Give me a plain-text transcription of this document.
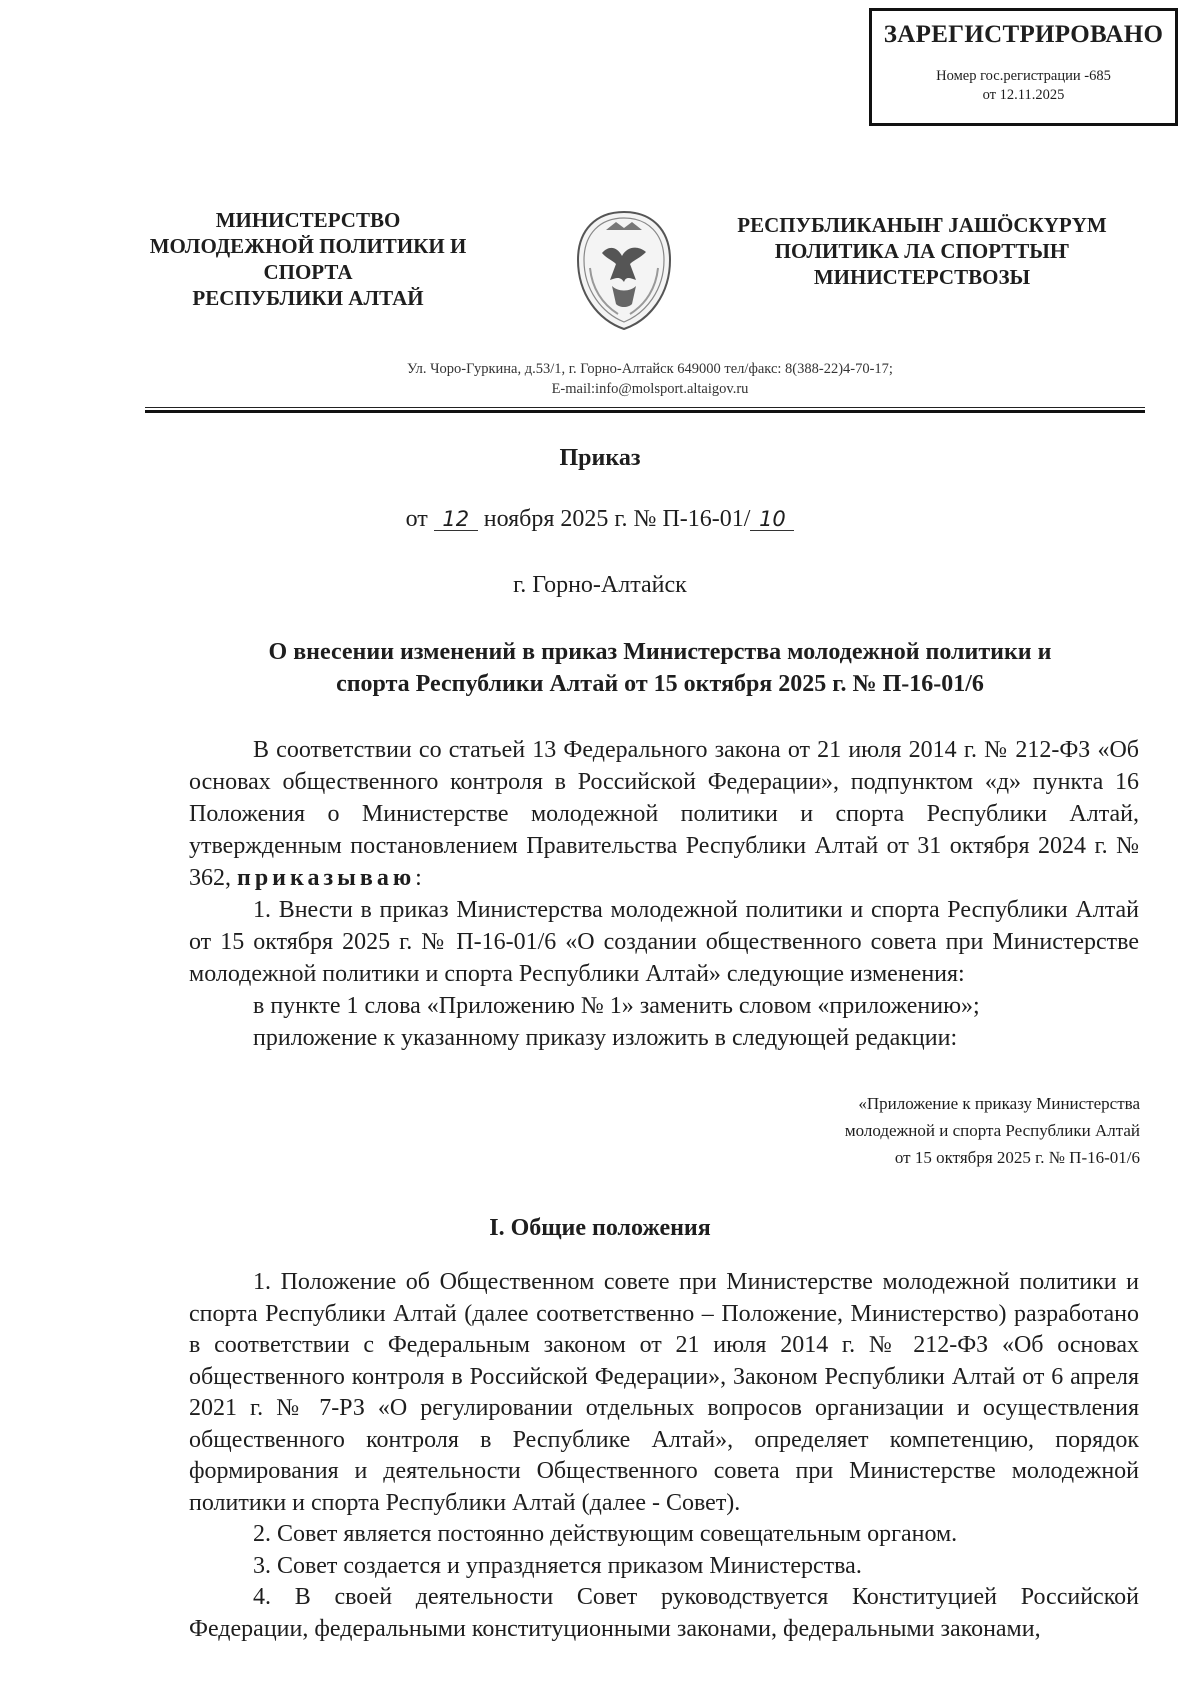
ЗАРЕГИСТРИРОВАНО
Номер гос.регистрации -685
от 12.11.2025
МИНИСТЕРСТВО
МОЛОДЕЖНОЙ ПОЛИТИКИ И
СПОРТА
РЕСПУБЛИКИ АЛТАЙ
РЕСПУБЛИКАНЫҤ ЈАШӦСКҮРҮМ
ПОЛИТИКА ЛА СПОРТТЫҤ
МИНИСТЕРСТВОЗЫ
Ул. Чоро-Гуркина, д.53/1, г. Горно-Алтайск 649000 тел/факс: 8(388-22)4-70-17;
E-mail:info@molsport.altaigov.ru
Приказ
от 12 ноября 2025 г. № П-16-01/ 10
г. Горно-Алтайск
О внесении изменений в приказ Министерства молодежной политики и
спорта Республики Алтай от 15 октября 2025 г. № П-16-01/6

В соответствии со статьей 13 Федерального закона от 21 июля 2014 г. № 212-ФЗ «Об основах общественного контроля в Российской Федерации», подпунктом «д» пункта 16 Положения о Министерстве молодежной политики и спорта Республики Алтай, утвержденным постановлением Правительства Республики Алтай от 31 октября 2024 г. № 362, приказываю:

1. Внести в приказ Министерства молодежной политики и спорта Республики Алтай от 15 октября 2025 г. № П-16-01/6 «О создании общественного совета при Министерстве молодежной политики и спорта Республики Алтай» следующие изменения:

в пункте 1 слова «Приложению № 1» заменить словом «приложению»;

приложение к указанному приказу изложить в следующей редакции:

«Приложение к приказу Министерства
молодежной и спорта Республики Алтай
от 15 октября 2025 г. № П-16-01/6
I. Общие положения

1. Положение об Общественном совете при Министерстве молодежной политики и спорта Республики Алтай (далее соответственно – Положение, Министерство) разработано в соответствии с Федеральным законом от 21 июля 2014 г. № 212-ФЗ «Об основах общественного контроля в Российской Федерации», Законом Республики Алтай от 6 апреля 2021 г. № 7-РЗ «О регулировании отдельных вопросов организации и осуществления общественного контроля в Республике Алтай», определяет компетенцию, порядок формирования и деятельности Общественного совета при Министерстве молодежной политики и спорта Республики Алтай (далее - Совет).

2. Совет является постоянно действующим совещательным органом.

3. Совет создается и упраздняется приказом Министерства.

4. В своей деятельности Совет руководствуется Конституцией Российской Федерации, федеральными конституционными законами, федеральными законами,
